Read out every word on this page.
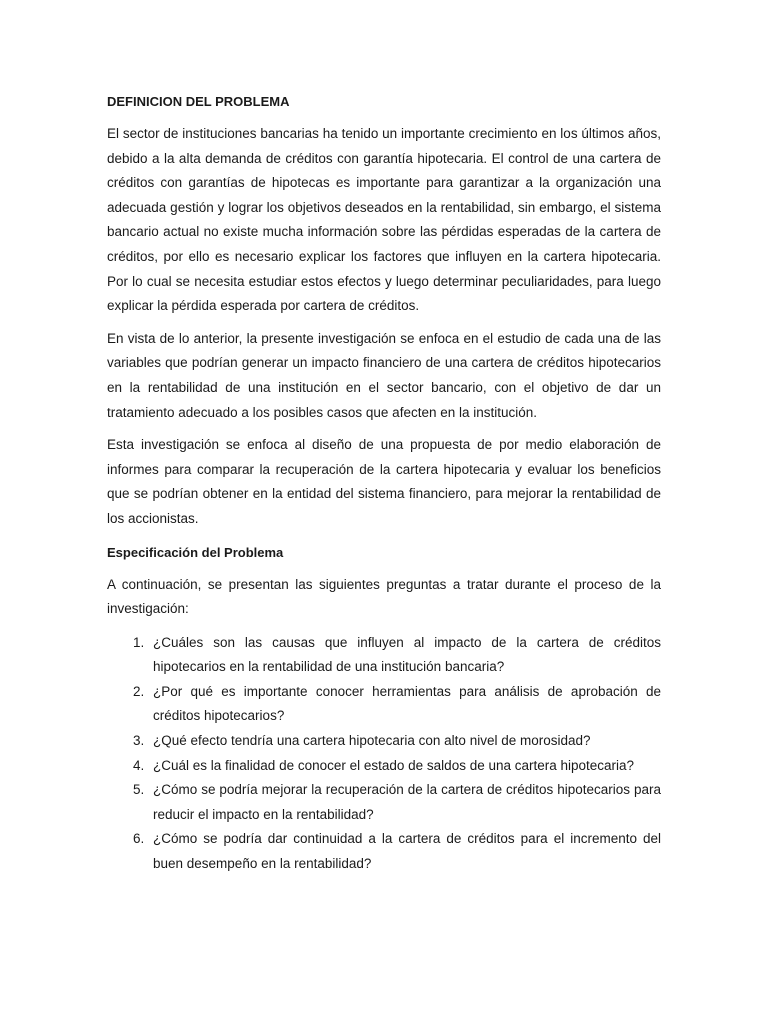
DEFINICION DEL PROBLEMA

El sector de instituciones bancarias ha tenido un importante crecimiento en los últimos años, debido a la alta demanda de créditos con garantía hipotecaria. El control de una cartera de créditos con garantías de hipotecas es importante para garantizar a la organización una adecuada gestión y lograr los objetivos deseados en la rentabilidad, sin embargo, el sistema bancario actual no existe mucha información sobre las pérdidas esperadas de la cartera de créditos, por ello es necesario explicar los factores que influyen en la cartera hipotecaria. Por lo cual se necesita estudiar estos efectos y luego determinar peculiaridades, para luego explicar la pérdida esperada por cartera de créditos.

En vista de lo anterior, la presente investigación se enfoca en el estudio de cada una de las variables que podrían generar un impacto financiero de una cartera de créditos hipotecarios en la rentabilidad de una institución en el sector bancario, con el objetivo de dar un tratamiento adecuado a los posibles casos que afecten en la institución.

Esta investigación se enfoca al diseño de una propuesta de por medio elaboración de informes para comparar la recuperación de la cartera hipotecaria y evaluar los beneficios que se podrían obtener en la entidad del sistema financiero, para mejorar la rentabilidad de los accionistas.

Especificación del Problema

A continuación, se presentan las siguientes preguntas a tratar durante el proceso de la investigación:

1. ¿Cuáles son las causas que influyen al impacto de la cartera de créditos hipotecarios en la rentabilidad de una institución bancaria?
2. ¿Por qué es importante conocer herramientas para análisis de aprobación de créditos hipotecarios?
3. ¿Qué efecto tendría una cartera hipotecaria con alto nivel de morosidad?
4. ¿Cuál es la finalidad de conocer el estado de saldos de una cartera hipotecaria?
5. ¿Cómo se podría mejorar la recuperación de la cartera de créditos hipotecarios para reducir el impacto en la rentabilidad?
6. ¿Cómo se podría dar continuidad a la cartera de créditos para el incremento del buen desempeño en la rentabilidad?
